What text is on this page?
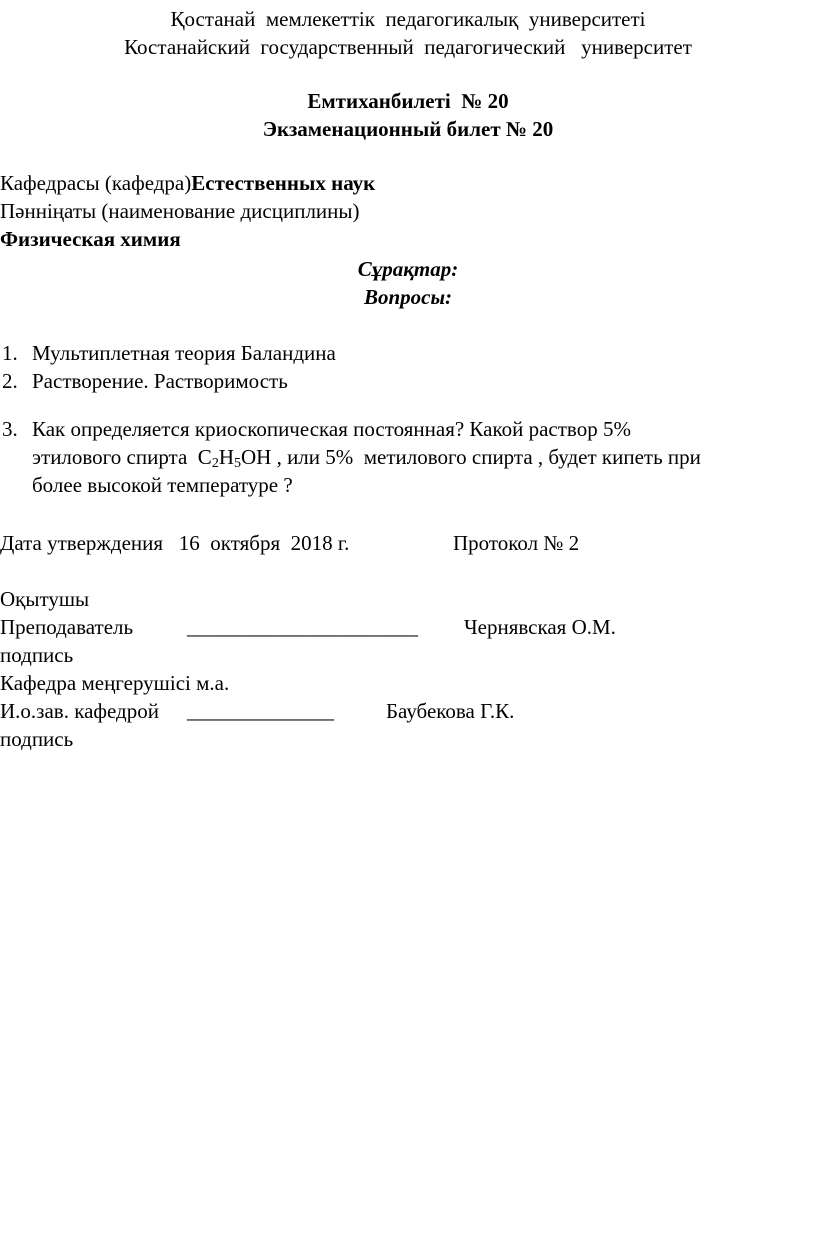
Қостанай  мемлекеттік  педагогикалық  университеті
Костанайский  государственный  педагогический   университет
Емтиханбилеті  № 20
Экзаменационный билет № 20
Кафедрасы (кафедра)Естественных наук
Пәнніңаты (наименование дисциплины)
Физическая химия
Сұрақтар:
Вопросы:
1. Мультиплетная теория Баландина
2. Растворение. Растворимость
3. Как определяется криоскопическая постоянная? Какой раствор 5%
этилового спирта  $C_2H_5OH$ , или 5%  метилового спирта , будет кипеть при
более высокой температуре ?
Дата утверждения   16  октября  2018 г.	Протокол № 2
Оқытушы
Преподаватель	______________________ Чернявская О.М.
подпись
Кафедра меңгерушісі м.а.
И.о.зав. кафедрой ______________ Баубекова Г.К.
подпись
